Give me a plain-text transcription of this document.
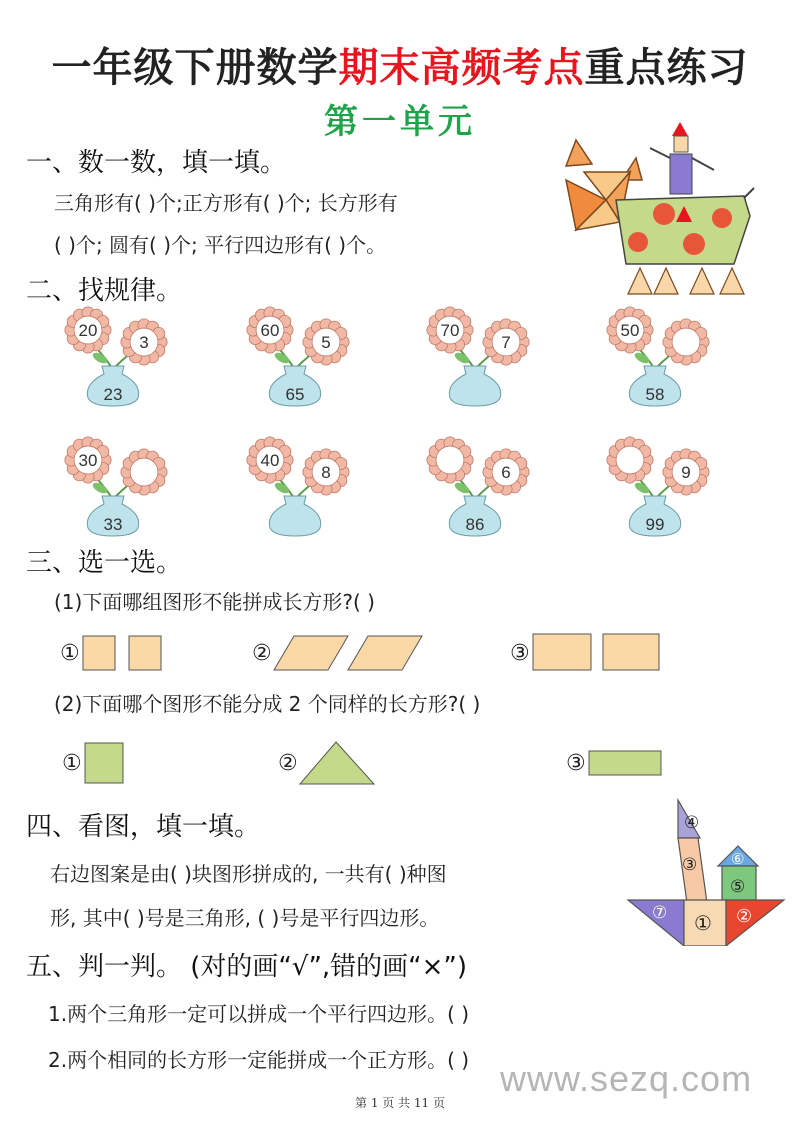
一年级下册数学期末高频考点重点练习
第一单元
一、数一数，填一填。
三角形有( )个;正方形有( )个; 长方形有
( )个; 圆有( )个; 平行四边形有( )个。
二、找规律。
23
20
3
65
60
5
70
7
58
50
33
30	40
8
86
6
99
9
三、选一选。
(1)下面哪组图形不能拼成长方形?( )
①	②	③
(2)下面哪个图形不能分成 2 个同样的长方形?( )
①	②	③
四、看图，填一填。
右边图案是由( )块图形拼成的, 一共有( )种图
形, 其中( )号是三角形, ( )号是平行四边形。
④
③ ⑥
⑤
⑦ ① ②
五、判一判。 (对的画“√”,错的画“×”)
1.两个三角形一定可以拼成一个平行四边形。( )
2.两个相同的长方形一定能拼成一个正方形。( ) www.sezq.com
第 1 页 共 11 页
